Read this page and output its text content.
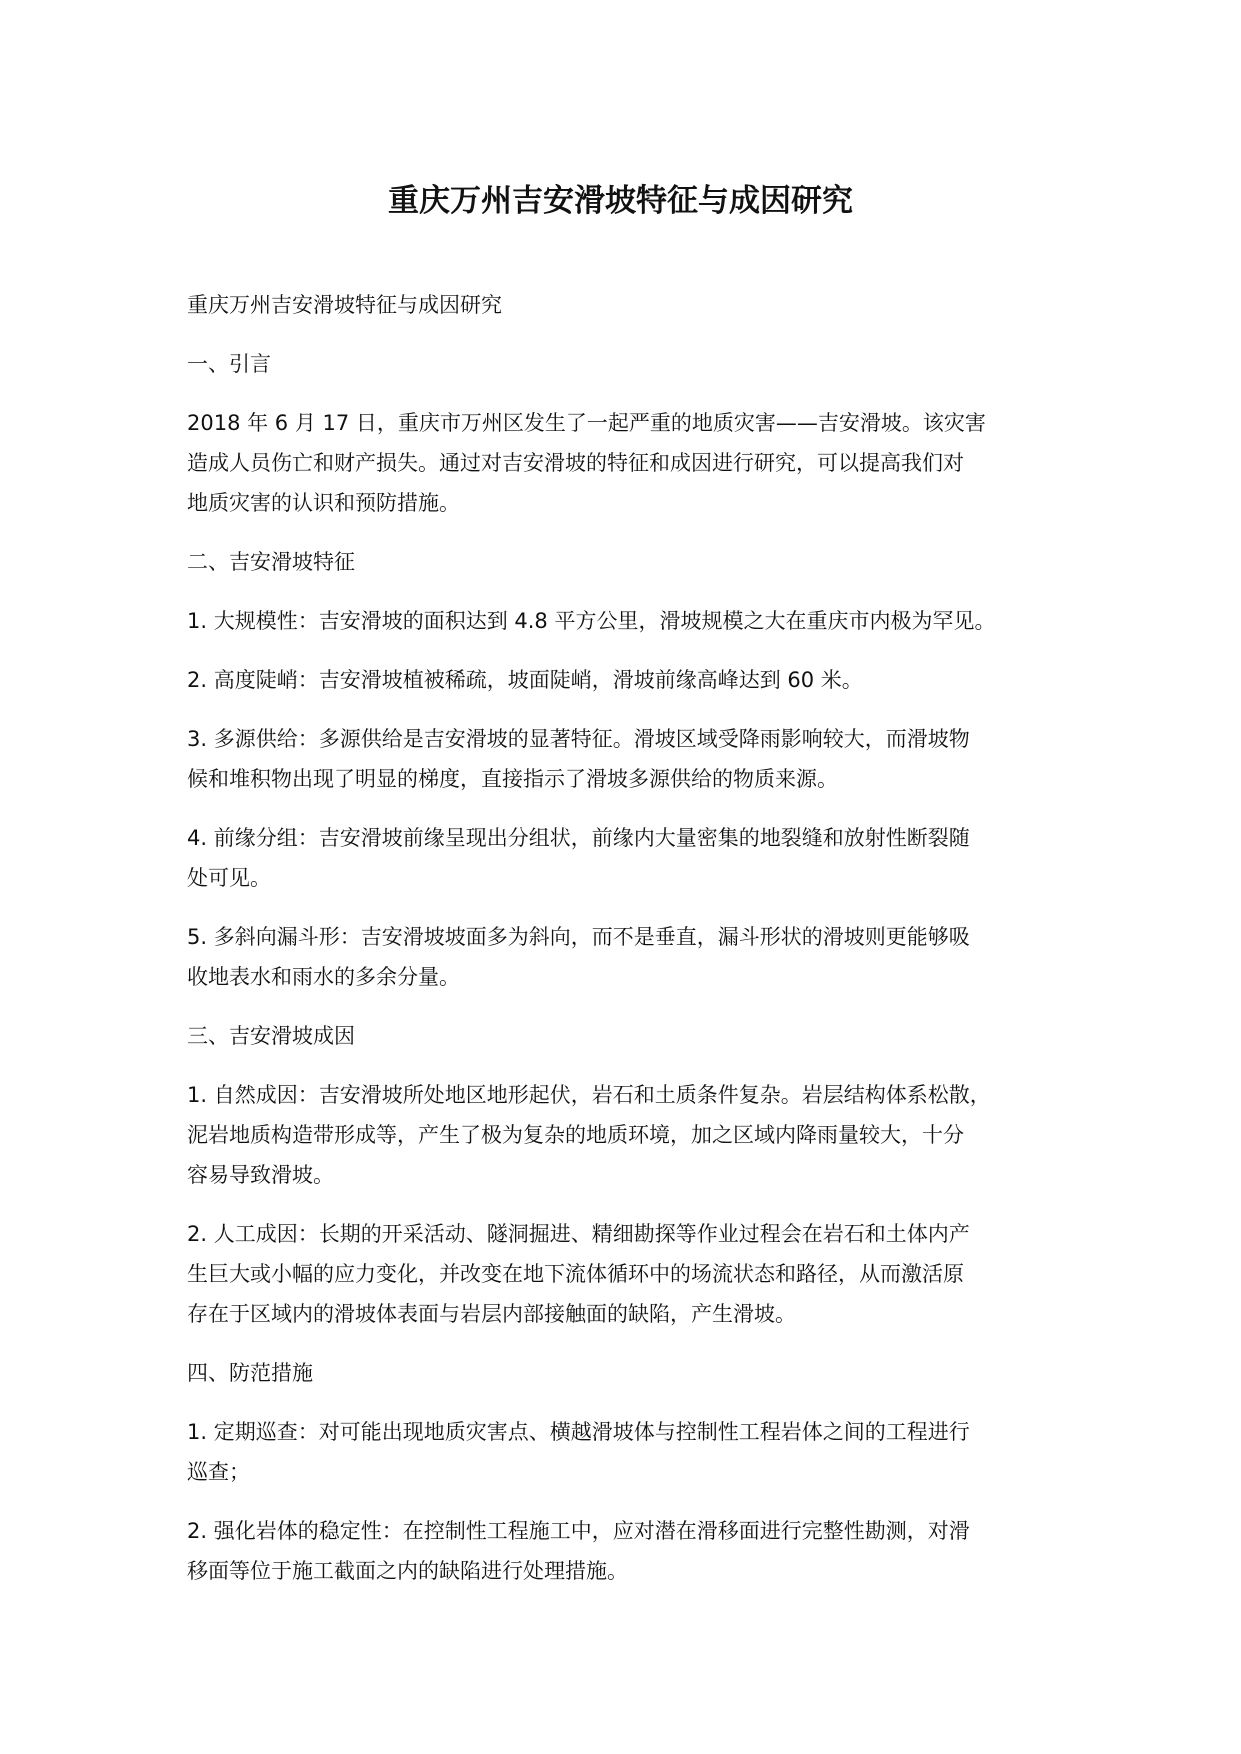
重庆万州吉安滑坡特征与成因研究

重庆万州吉安滑坡特征与成因研究

一、引言

2018 年 6 月 17 日，重庆市万州区发生了一起严重的地质灾害——吉安滑坡。该灾害
造成人员伤亡和财产损失。通过对吉安滑坡的特征和成因进行研究，可以提高我们对
地质灾害的认识和预防措施。

二、吉安滑坡特征

1. 大规模性：吉安滑坡的面积达到 4.8 平方公里，滑坡规模之大在重庆市内极为罕见。

2. 高度陡峭：吉安滑坡植被稀疏，坡面陡峭，滑坡前缘高峰达到 60 米。

3. 多源供给：多源供给是吉安滑坡的显著特征。滑坡区域受降雨影响较大，而滑坡物
候和堆积物出现了明显的梯度，直接指示了滑坡多源供给的物质来源。

4. 前缘分组：吉安滑坡前缘呈现出分组状，前缘内大量密集的地裂缝和放射性断裂随
处可见。

5. 多斜向漏斗形：吉安滑坡坡面多为斜向，而不是垂直，漏斗形状的滑坡则更能够吸
收地表水和雨水的多余分量。

三、吉安滑坡成因

1. 自然成因：吉安滑坡所处地区地形起伏，岩石和土质条件复杂。岩层结构体系松散，
泥岩地质构造带形成等，产生了极为复杂的地质环境，加之区域内降雨量较大，十分
容易导致滑坡。

2. 人工成因：长期的开采活动、隧洞掘进、精细勘探等作业过程会在岩石和土体内产
生巨大或小幅的应力变化，并改变在地下流体循环中的场流状态和路径，从而激活原
存在于区域内的滑坡体表面与岩层内部接触面的缺陷，产生滑坡。

四、防范措施

1. 定期巡查：对可能出现地质灾害点、横越滑坡体与控制性工程岩体之间的工程进行
巡查；

2. 强化岩体的稳定性：在控制性工程施工中，应对潜在滑移面进行完整性勘测，对滑
移面等位于施工截面之内的缺陷进行处理措施。
